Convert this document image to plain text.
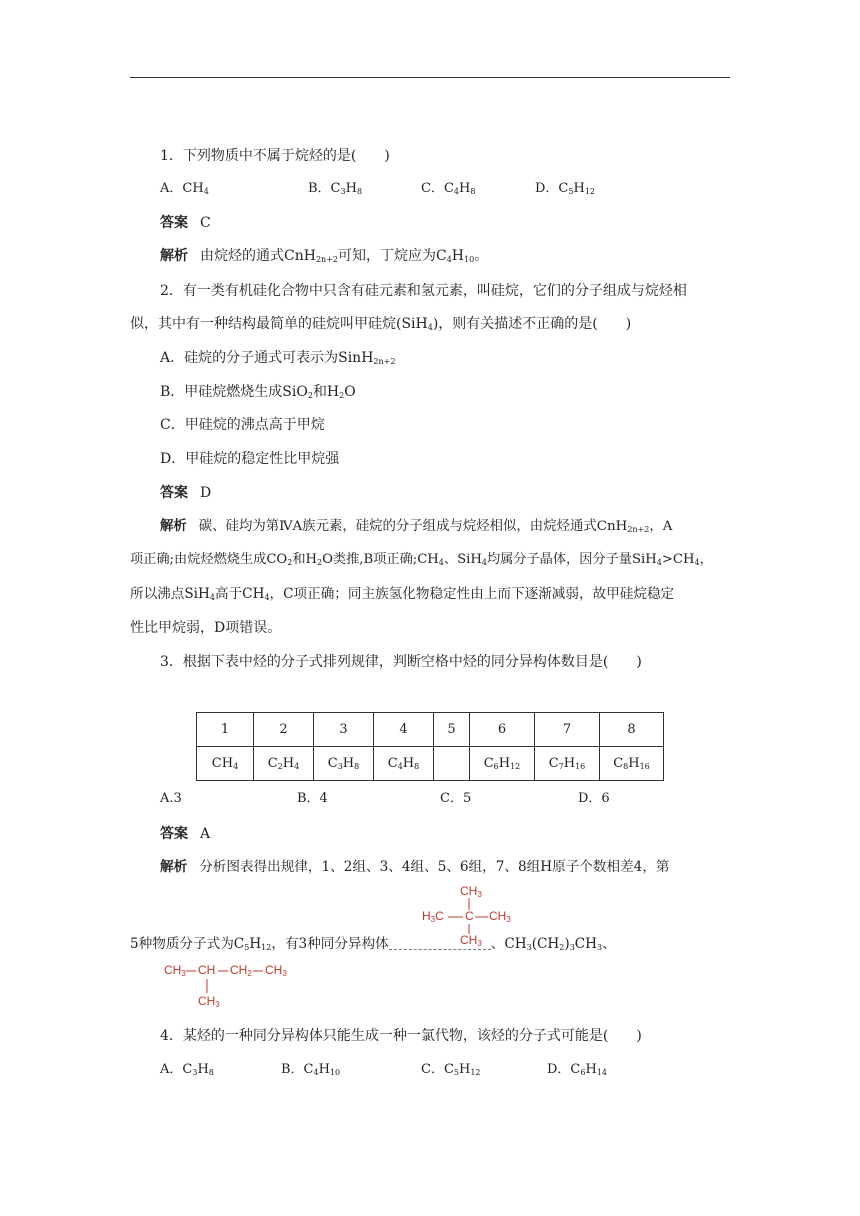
1．下列物质中不属于烷烃的是(　　)
A．$CH_4$	B．$C_3H_8$	C．$C_4H_8$	D．$C_5H_{12}$
答案 C
解析 由烷烃的通式CnH$_{2n+2}$可知，丁烷应为$C_4H_{10}$。
2．有一类有机硅化合物中只含有硅元素和氢元素，叫硅烷，它们的分子组成与烷烃相
似，其中有一种结构最简单的硅烷叫甲硅烷(SiH$_4$)，则有关描述不正确的是(　　)
A．硅烷的分子通式可表示为SinH$_{2n+2}$
B．甲硅烷燃烧生成SiO$_2$和$H_2O$
C．甲硅烷的沸点高于甲烷
D．甲硅烷的稳定性比甲烷强
答案 D
解析 碳、硅均为第ⅣA族元素，硅烷的分子组成与烷烃相似，由烷烃通式CnH$_{2n+2}$，A
项正确;由烷烃燃烧生成$CO_2$和$H_2O$类推,B项正确$;CH_4$、SiH$_4$均属分子晶体，因分子量$SiH_4>CH_4$，
所以沸点SiH$_4$高于$CH_4$，C项正确；同主族氢化物稳定性由上而下逐渐减弱，故甲硅烷稳定
性比甲烷弱，D项错误。
3．根据下表中烃的分子式排列规律，判断空格中烃的同分异构体数目是(　　)
1	2	3	4	5	6	7	8
$CH_4$	$C_2H_4$	$C_3H_8$	$C_4H_8$		$C_6H_{12}$	$C_7H_{16}$	$C_8H_{16}$
A.3	B．4	C．5	D．6
答案 A
解析 分析图表得出规律，1、2组、3、4组、5、6组，7、8组H原子个数相差4，第
$CH_3$
$H_3C$ C $CH_3$
$CH_3$
5种物质分子式为$C_5H_{12}$，有3种同分异构体	、$CH_3(CH_2)_3CH_3$、
$CH_3$ CH $CH_2$ $CH_3$
$CH_3$
4．某烃的一种同分异构体只能生成一种一氯代物，该烃的分子式可能是(　　)
A．$C_3H_8$	B．$C_4H_{10}$	C．$C_5H_{12}$	D．$C_6H_{14}$
